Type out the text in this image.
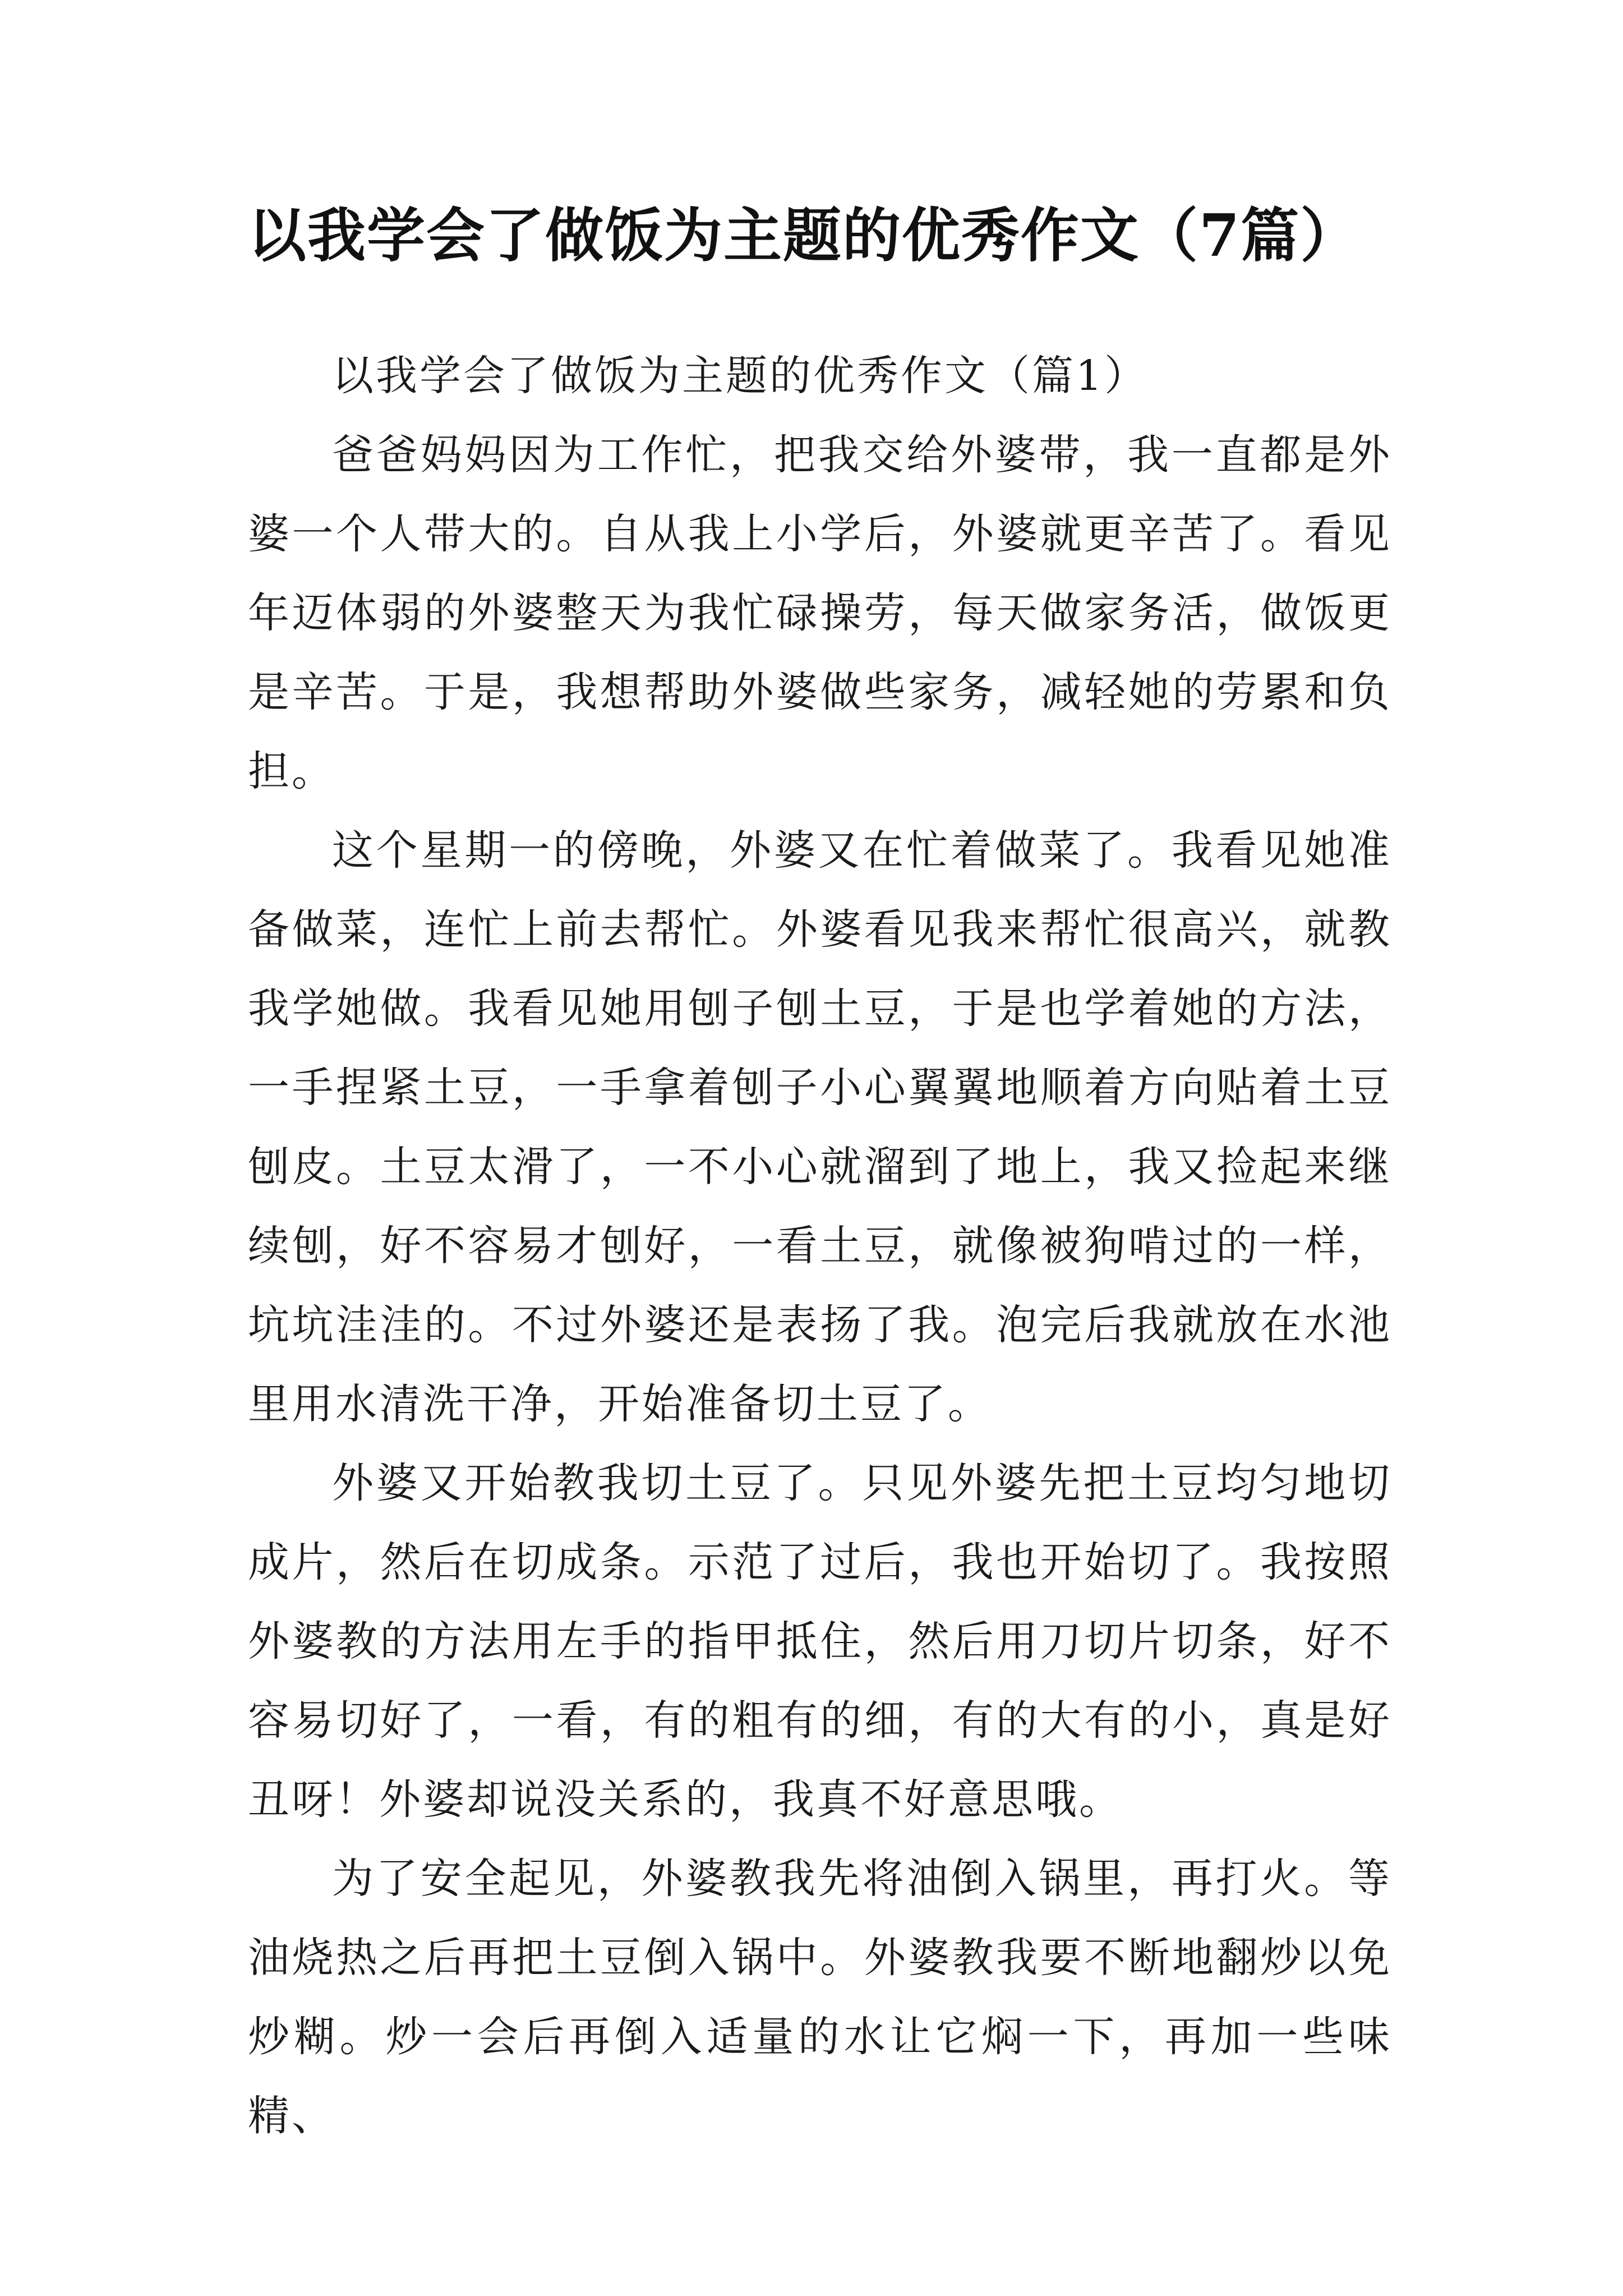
以我学会了做饭为主题的优秀作文（7篇）
以我学会了做饭为主题的优秀作文（篇1）

爸爸妈妈因为工作忙，把我交给外婆带，我一直都是外婆一个人带大的。自从我上小学后，外婆就更辛苦了。看见年迈体弱的外婆整天为我忙碌操劳，每天做家务活，做饭更是辛苦。于是，我想帮助外婆做些家务，减轻她的劳累和负担。

这个星期一的傍晚，外婆又在忙着做菜了。我看见她准备做菜，连忙上前去帮忙。外婆看见我来帮忙很高兴，就教我学她做。我看见她用刨子刨土豆，于是也学着她的方法，一手捏紧土豆，一手拿着刨子小心翼翼地顺着方向贴着土豆刨皮。土豆太滑了，一不小心就溜到了地上，我又捡起来继续刨，好不容易才刨好，一看土豆，就像被狗啃过的一样，坑坑洼洼的。不过外婆还是表扬了我。泡完后我就放在水池里用水清洗干净，开始准备切土豆了。

外婆又开始教我切土豆了。只见外婆先把土豆均匀地切成片，然后在切成条。示范了过后，我也开始切了。我按照外婆教的方法用左手的指甲抵住，然后用刀切片切条，好不容易切好了，一看，有的粗有的细，有的大有的小，真是好丑呀！外婆却说没关系的，我真不好意思哦。

为了安全起见，外婆教我先将油倒入锅里，再打火。等油烧热之后再把土豆倒入锅中。外婆教我要不断地翻炒以免炒糊。炒一会后再倒入适量的水让它焖一下，再加一些味精、
